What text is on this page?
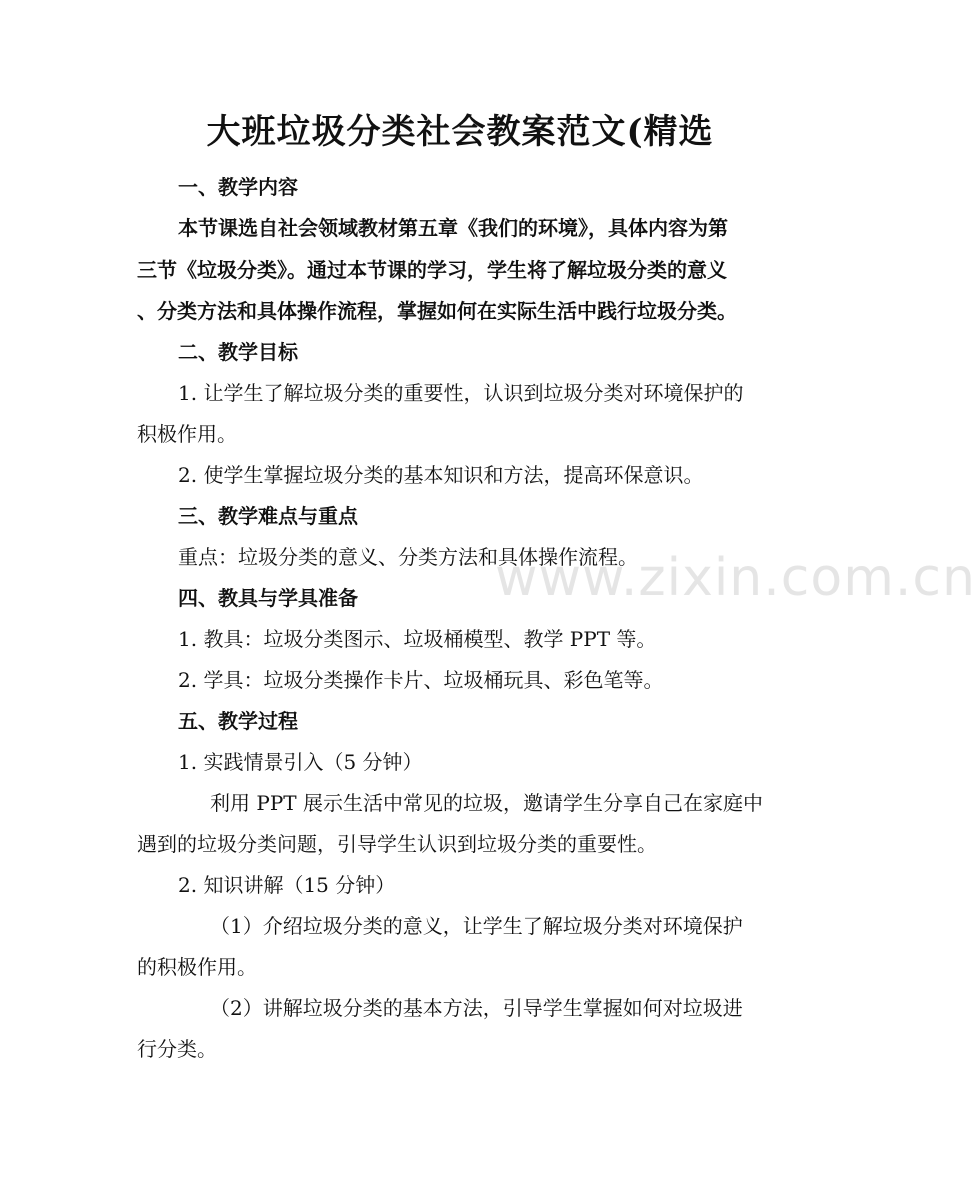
www.zixin.com.cn
大班垃圾分类社会教案范文(精选
一、教学内容
本节课选自社会领域教材第五章《我们的环境》，具体内容为第
三节《垃圾分类》。通过本节课的学习，学生将了解垃圾分类的意义
、分类方法和具体操作流程，掌握如何在实际生活中践行垃圾分类。
二、教学目标
1. 让学生了解垃圾分类的重要性，认识到垃圾分类对环境保护的
积极作用。
2. 使学生掌握垃圾分类的基本知识和方法，提高环保意识。
三、教学难点与重点
重点：垃圾分类的意义、分类方法和具体操作流程。
四、教具与学具准备
1. 教具：垃圾分类图示、垃圾桶模型、教学 PPT 等。
2. 学具：垃圾分类操作卡片、垃圾桶玩具、彩色笔等。
五、教学过程
1. 实践情景引入（5 分钟）
利用 PPT 展示生活中常见的垃圾，邀请学生分享自己在家庭中
遇到的垃圾分类问题，引导学生认识到垃圾分类的重要性。
2. 知识讲解（15 分钟）
（1）介绍垃圾分类的意义，让学生了解垃圾分类对环境保护
的积极作用。
（2）讲解垃圾分类的基本方法，引导学生掌握如何对垃圾进
行分类。
